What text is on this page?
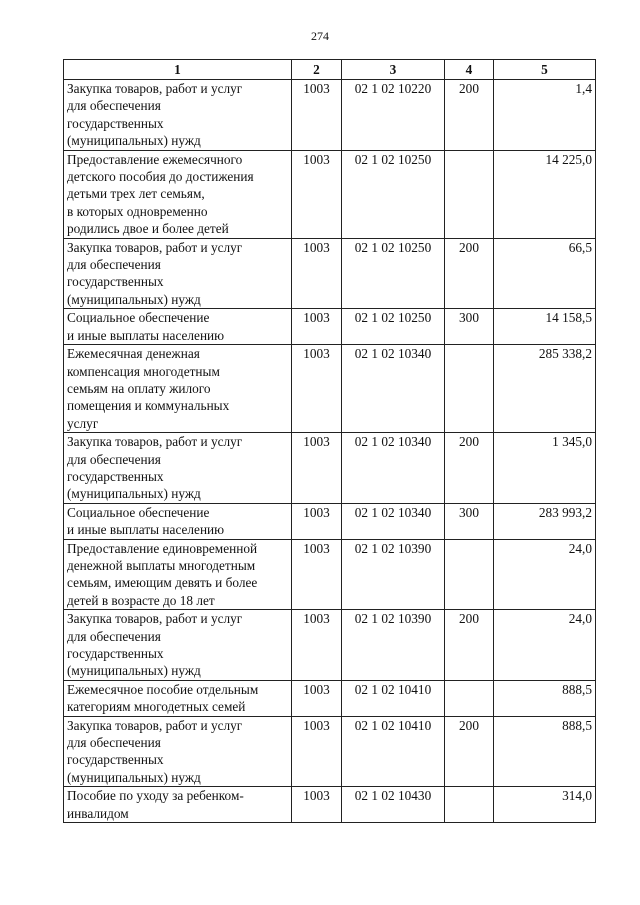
274
1	2	3	4	5

Закупка товаров, работ и услуг
для обеспечения
государственных
(муниципальных) нужд	1003	02 1 02 10220	200	1,4

Предоставление ежемесячного
детского пособия до достижения
детьми трех лет семьям,
в которых одновременно
родились двое и более детей	1003	02 1 02 10250		14 225,0

Закупка товаров, работ и услуг
для обеспечения
государственных
(муниципальных) нужд	1003	02 1 02 10250	200	66,5

Социальное обеспечение
и иные выплаты населению	1003	02 1 02 10250	300	14 158,5

Ежемесячная денежная
компенсация многодетным
семьям на оплату жилого
помещения и коммунальных
услуг	1003	02 1 02 10340		285 338,2

Закупка товаров, работ и услуг
для обеспечения
государственных
(муниципальных) нужд	1003	02 1 02 10340	200	1 345,0

Социальное обеспечение
и иные выплаты населению	1003	02 1 02 10340	300	283 993,2

Предоставление единовременной
денежной выплаты многодетным
семьям, имеющим девять и более
детей в возрасте до 18 лет	1003	02 1 02 10390		24,0

Закупка товаров, работ и услуг
для обеспечения
государственных
(муниципальных) нужд	1003	02 1 02 10390	200	24,0

Ежемесячное пособие отдельным
категориям многодетных семей	1003	02 1 02 10410		888,5

Закупка товаров, работ и услуг
для обеспечения
государственных
(муниципальных) нужд	1003	02 1 02 10410	200	888,5

Пособие по уходу за ребенком-
инвалидом	1003	02 1 02 10430		314,0
